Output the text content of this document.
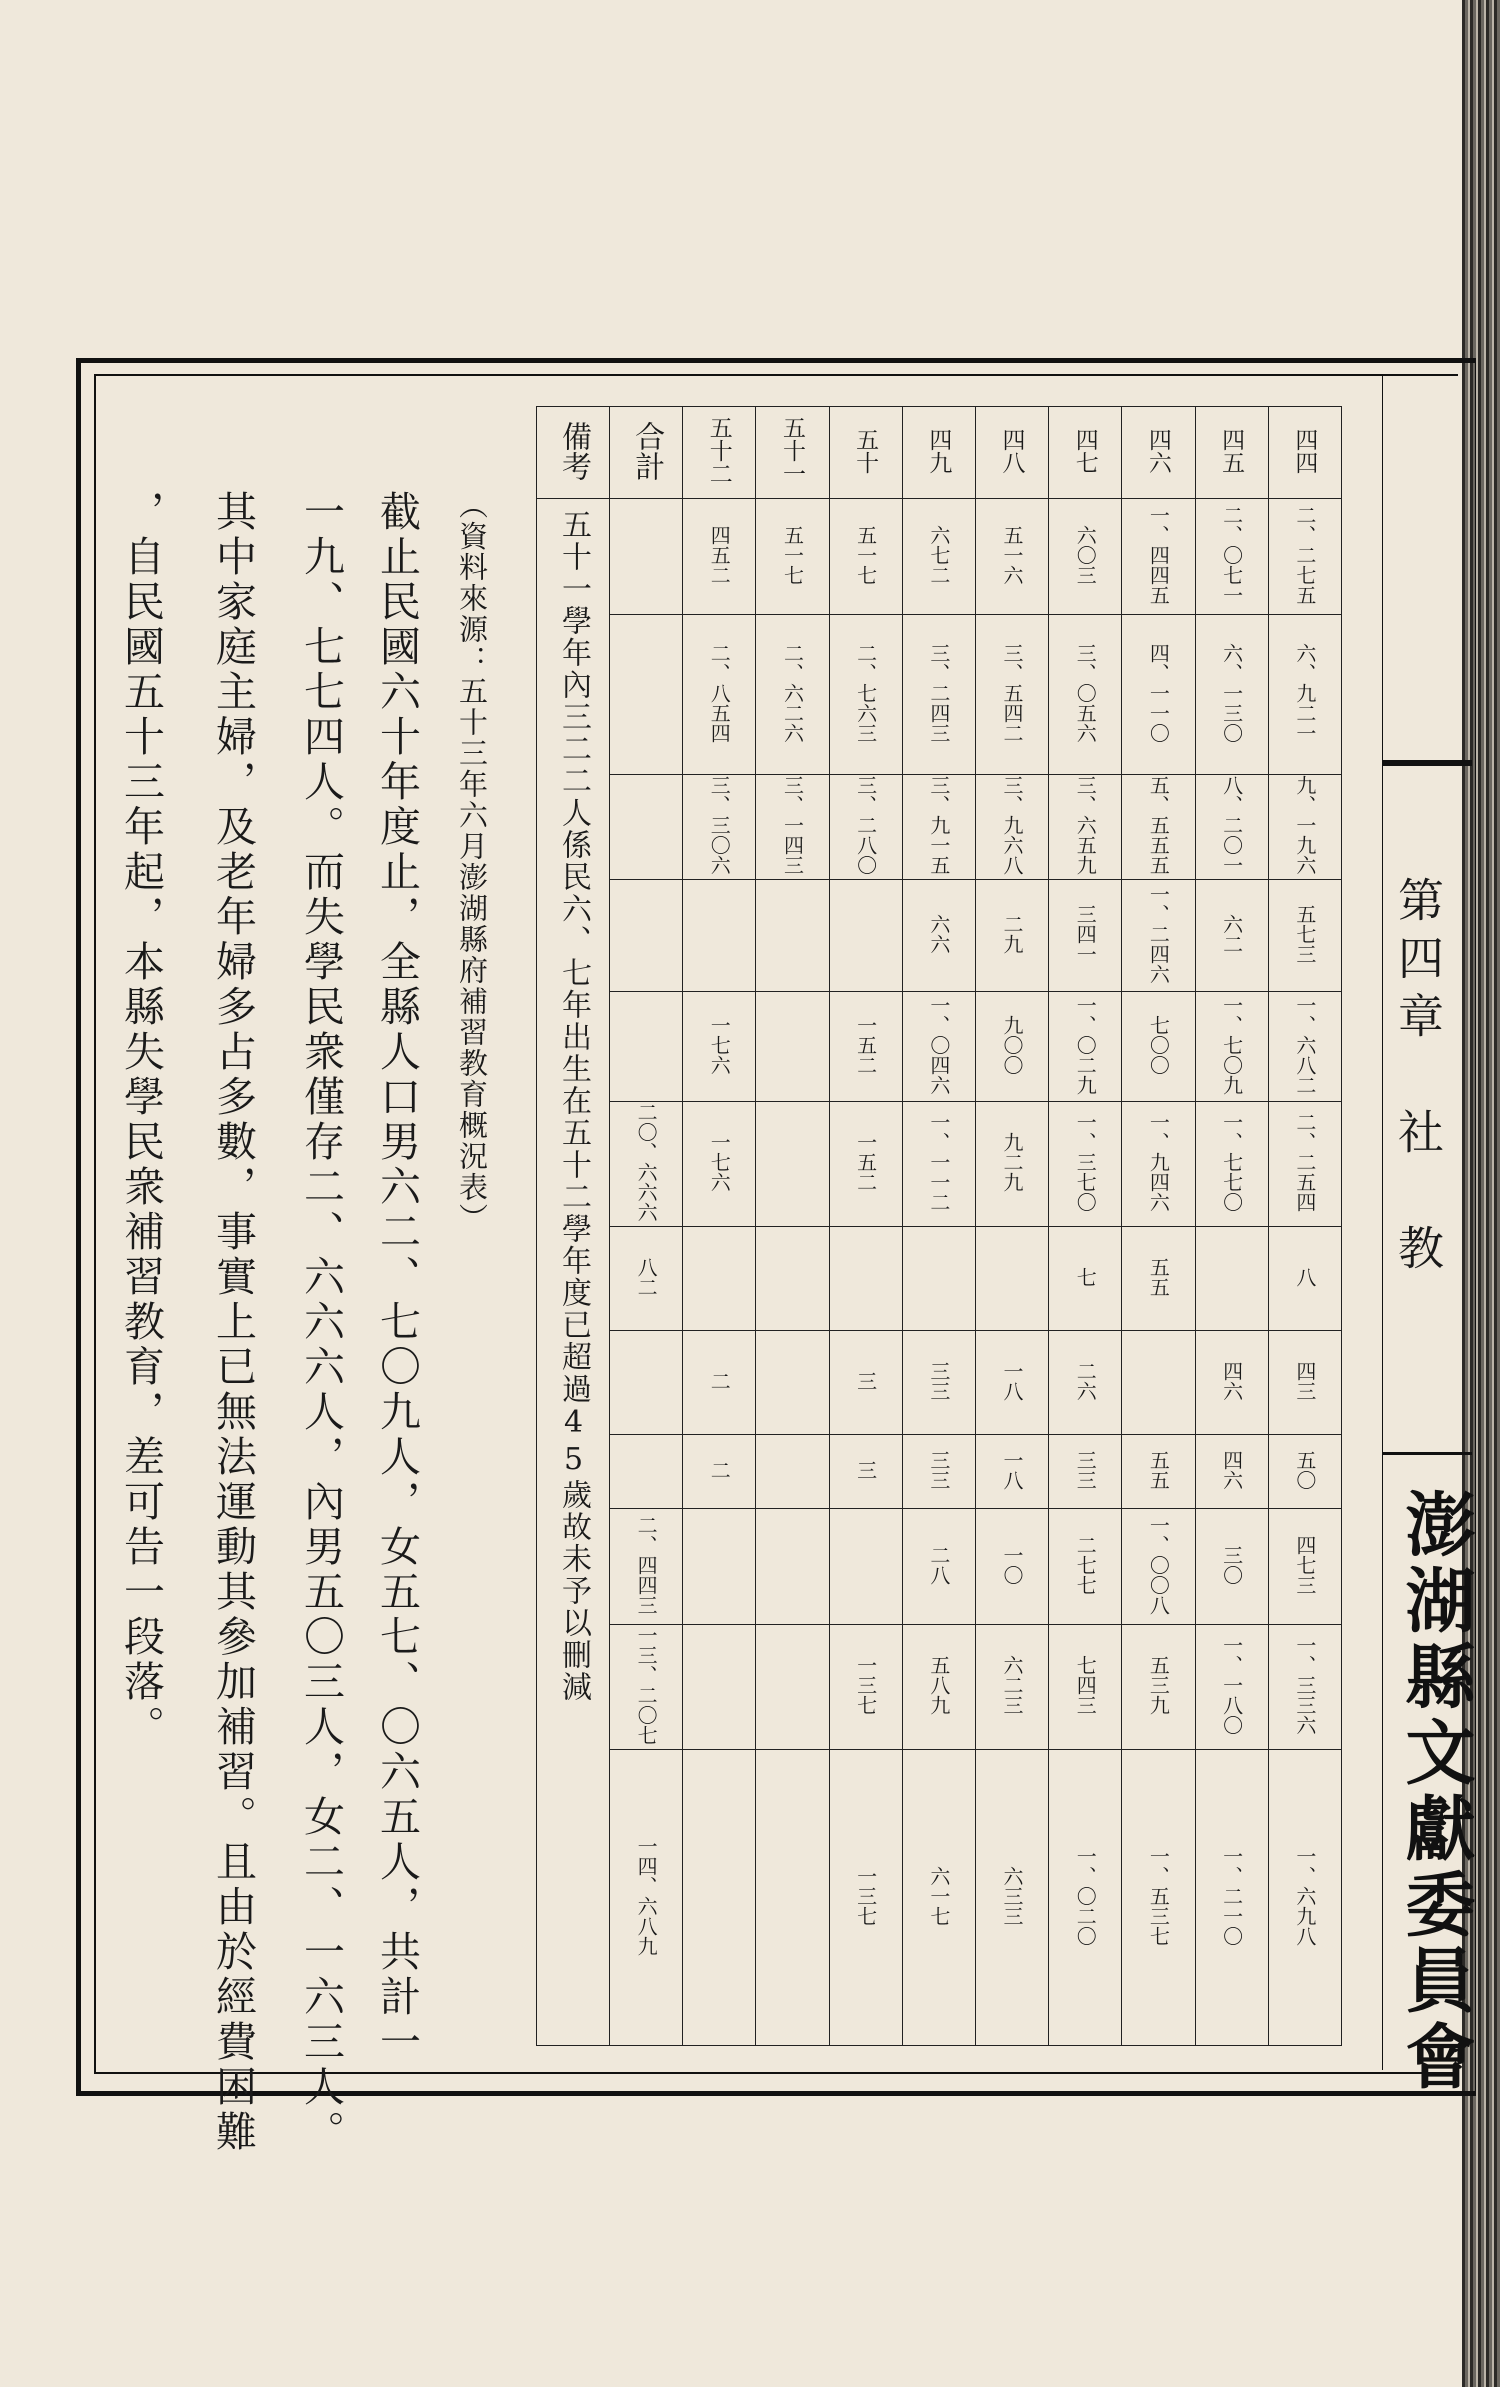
第四章　社　教
澎湖縣文獻委員會
備考	合計	五十二	五十一	五十	四九	四八	四七	四六	四五	四四
五十一學年內三二二人係民六、七年出生在五十二學年度已超過45歲故未予以刪減		四五二	五一七	五一七	六七二	五一六	六〇三	一、四四五	二、〇七一	二、二七五
		二、八五四	二、六二六	二、七六三	三、二四三	三、五四二	三、〇五六	四、一一〇	六、一三〇	六、九二一
		三、三〇六	三、一四三	三、二八〇	三、九一五	三、九六八	三、六五九	五、五五五	八、二〇一	九、一九六
					六六	二九	三四一	一、二四六	六二	五七三
		一七六		一五二	一、〇四六	九〇〇	一、〇二九	七〇〇	一、七〇九	一、六八二
	二〇、六六六	一七六		一五二	一、一一二	九二九	一、三七〇	一、九四六	一、七七〇	二、二五四
	八二						七	五五		八
		二		三	三三	一八	二六		四六	四三
		二		三	三三	一八	三三	五五	四六	五〇
	二、四四三				二八	一〇	二七七	一、〇〇八	三〇	四七三
	一三、二〇七			一三七	五八九	六二三	七四三	五三九	一、一八〇	一、三三六
	一四、六八九			一三七	六一七	六三三	一、〇二〇	一、五三七	一、二一〇	一、六九八
（資料來源：五十三年六月澎湖縣府補習教育概況表）
截止民國六十年度止，全縣人口男六二、七〇九人，女五七、〇六五人，共計一
一九、七七四人。而失學民衆僅存二、六六六人，內男五〇三人，女二、一六三人。
其中家庭主婦，及老年婦多占多數，事實上已無法運動其參加補習。且由於經費困難
，自民國五十三年起，本縣失學民衆補習教育，差可告一段落。
